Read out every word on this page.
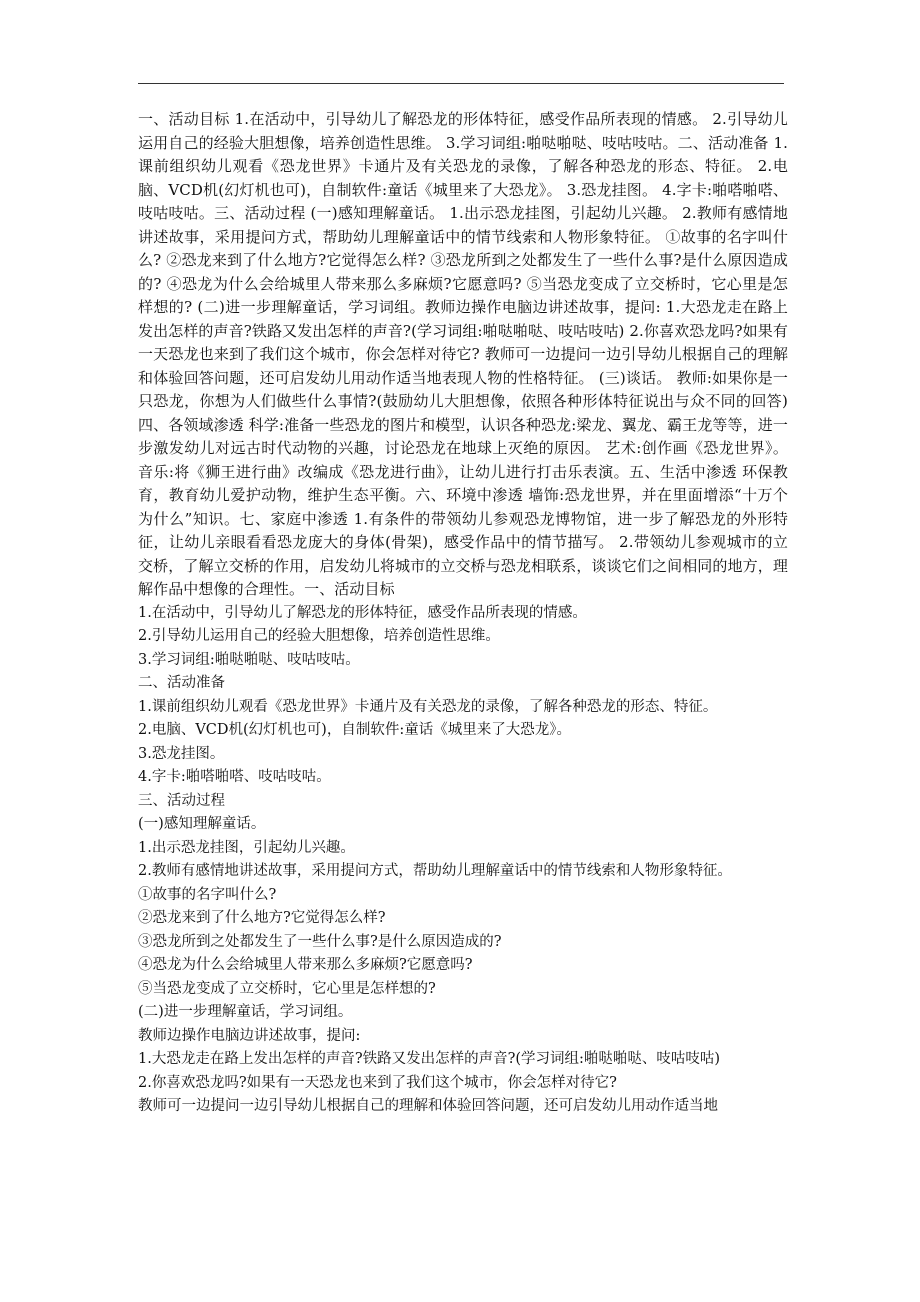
一、活动目标 1.在活动中，引导幼儿了解恐龙的形体特征，感受作品所表现的情感。 2.引导幼儿运用自己的经验大胆想像，培养创造性思维。 3.学习词组:啪哒啪哒、吱咕吱咕。二、活动准备 1.课前组织幼儿观看《恐龙世界》卡通片及有关恐龙的录像，了解各种恐龙的形态、特征。 2.电脑、VCD机(幻灯机也可)，自制软件:童话《城里来了大恐龙》。 3.恐龙挂图。 4.字卡:啪嗒啪嗒、吱咕吱咕。三、活动过程 (一)感知理解童话。 1.出示恐龙挂图，引起幼儿兴趣。 2.教师有感情地讲述故事，采用提问方式，帮助幼儿理解童话中的情节线索和人物形象特征。 ①故事的名字叫什么? ②恐龙来到了什么地方?它觉得怎么样? ③恐龙所到之处都发生了一些什么事?是什么原因造成的? ④恐龙为什么会给城里人带来那么多麻烦?它愿意吗? ⑤当恐龙变成了立交桥时，它心里是怎样想的? (二)进一步理解童话，学习词组。教师边操作电脑边讲述故事，提问: 1.大恐龙走在路上发出怎样的声音?铁路又发出怎样的声音?(学习词组:啪哒啪哒、吱咕吱咕) 2.你喜欢恐龙吗?如果有一天恐龙也来到了我们这个城市，你会怎样对待它? 教师可一边提问一边引导幼儿根据自己的理解和体验回答问题，还可启发幼儿用动作适当地表现人物的性格特征。 (三)谈话。 教师:如果你是一只恐龙，你想为人们做些什么事情?(鼓励幼儿大胆想像，依照各种形体特征说出与众不同的回答)四、各领域渗透 科学:准备一些恐龙的图片和模型，认识各种恐龙:梁龙、翼龙、霸王龙等等，进一步激发幼儿对远古时代动物的兴趣，讨论恐龙在地球上灭绝的原因。 艺术:创作画《恐龙世界》。音乐:将《狮王进行曲》改编成《恐龙进行曲》，让幼儿进行打击乐表演。五、生活中渗透 环保教育，教育幼儿爱护动物，维护生态平衡。六、环境中渗透 墙饰:恐龙世界，并在里面增添“十万个为什么”知识。七、家庭中渗透 1.有条件的带领幼儿参观恐龙博物馆，进一步了解恐龙的外形特征，让幼儿亲眼看看恐龙庞大的身体(骨架)，感受作品中的情节描写。 2.带领幼儿参观城市的立交桥，了解立交桥的作用，启发幼儿将城市的立交桥与恐龙相联系，谈谈它们之间相同的地方，理解作品中想像的合理性。一、活动目标

1.在活动中，引导幼儿了解恐龙的形体特征，感受作品所表现的情感。
2.引导幼儿运用自己的经验大胆想像，培养创造性思维。
3.学习词组:啪哒啪哒、吱咕吱咕。
二、活动准备
1.课前组织幼儿观看《恐龙世界》卡通片及有关恐龙的录像，了解各种恐龙的形态、特征。
2.电脑、VCD机(幻灯机也可)，自制软件:童话《城里来了大恐龙》。
3.恐龙挂图。
4.字卡:啪嗒啪嗒、吱咕吱咕。
三、活动过程
(一)感知理解童话。
1.出示恐龙挂图，引起幼儿兴趣。
2.教师有感情地讲述故事，采用提问方式，帮助幼儿理解童话中的情节线索和人物形象特征。
①故事的名字叫什么?
②恐龙来到了什么地方?它觉得怎么样?
③恐龙所到之处都发生了一些什么事?是什么原因造成的?
④恐龙为什么会给城里人带来那么多麻烦?它愿意吗?
⑤当恐龙变成了立交桥时，它心里是怎样想的?
(二)进一步理解童话，学习词组。
教师边操作电脑边讲述故事，提问:
1.大恐龙走在路上发出怎样的声音?铁路又发出怎样的声音?(学习词组:啪哒啪哒、吱咕吱咕)
2.你喜欢恐龙吗?如果有一天恐龙也来到了我们这个城市，你会怎样对待它?
教师可一边提问一边引导幼儿根据自己的理解和体验回答问题，还可启发幼儿用动作适当地
